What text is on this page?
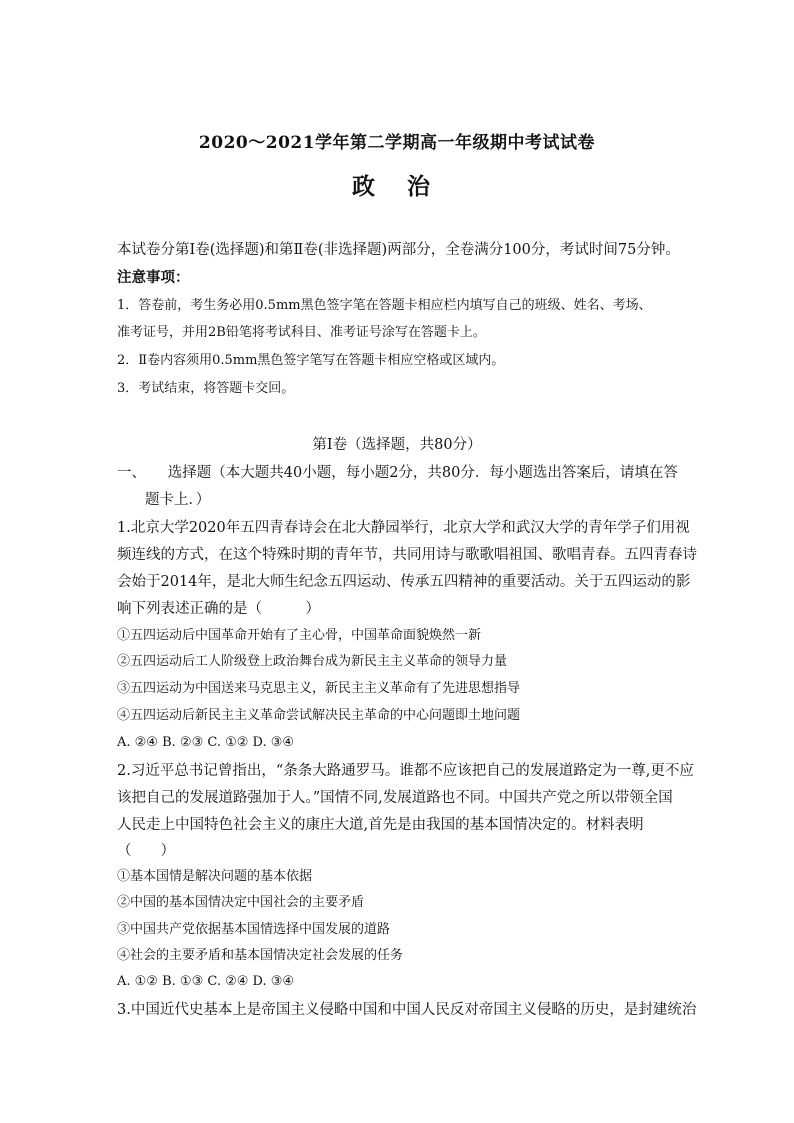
2020～2021学年第二学期高一年级期中考试试卷
政 治
本试卷分第Ⅰ卷(选择题)和第Ⅱ卷(非选择题)两部分，全卷满分100分，考试时间75分钟。
注意事项：
1．答卷前，考生务必用0.5mm黑色签字笔在答题卡相应栏内填写自己的班级、姓名、考场、
准考证号，并用2B铅笔将考试科目、准考证号涂写在答题卡上。
2．Ⅱ卷内容须用0.5mm黑色签字笔写在答题卡相应空格或区域内。
3．考试结束，将答题卡交回。
第Ⅰ卷（选择题，共80分）
一、　　选择题（本大题共40小题，每小题2分，共80分．每小题选出答案后，请填在答
题卡上．）
1.北京大学2020年五四青春诗会在北大静园举行，北京大学和武汉大学的青年学子们用视
频连线的方式，在这个特殊时期的青年节，共同用诗与歌歌唱祖国、歌唱青春。五四青春诗
会始于2014年，是北大师生纪念五四运动、传承五四精神的重要活动。关于五四运动的影
响下列表述正确的是（　　　）
①五四运动后中国革命开始有了主心骨，中国革命面貌焕然一新
②五四运动后工人阶级登上政治舞台成为新民主主义革命的领导力量
③五四运动为中国送来马克思主义，新民主主义革命有了先进思想指导
④五四运动后新民主主义革命尝试解决民主革命的中心问题即土地问题
A. ②④ B. ②③ C. ①② D. ③④
2.习近平总书记曾指出，“条条大路通罗马。谁都不应该把自己的发展道路定为一尊,更不应
该把自己的发展道路强加于人。”国情不同,发展道路也不同。中国共产党之所以带领全国
人民走上中国特色社会主义的康庄大道,首先是由我国的基本国情决定的。材料表明
（　　）
①基本国情是解决问题的基本依据
②中国的基本国情决定中国社会的主要矛盾
③中国共产党依据基本国情选择中国发展的道路
④社会的主要矛盾和基本国情决定社会发展的任务
A. ①② B. ①③ C. ②④ D. ③④
3.中国近代史基本上是帝国主义侵略中国和中国人民反对帝国主义侵略的历史，是封建统治
